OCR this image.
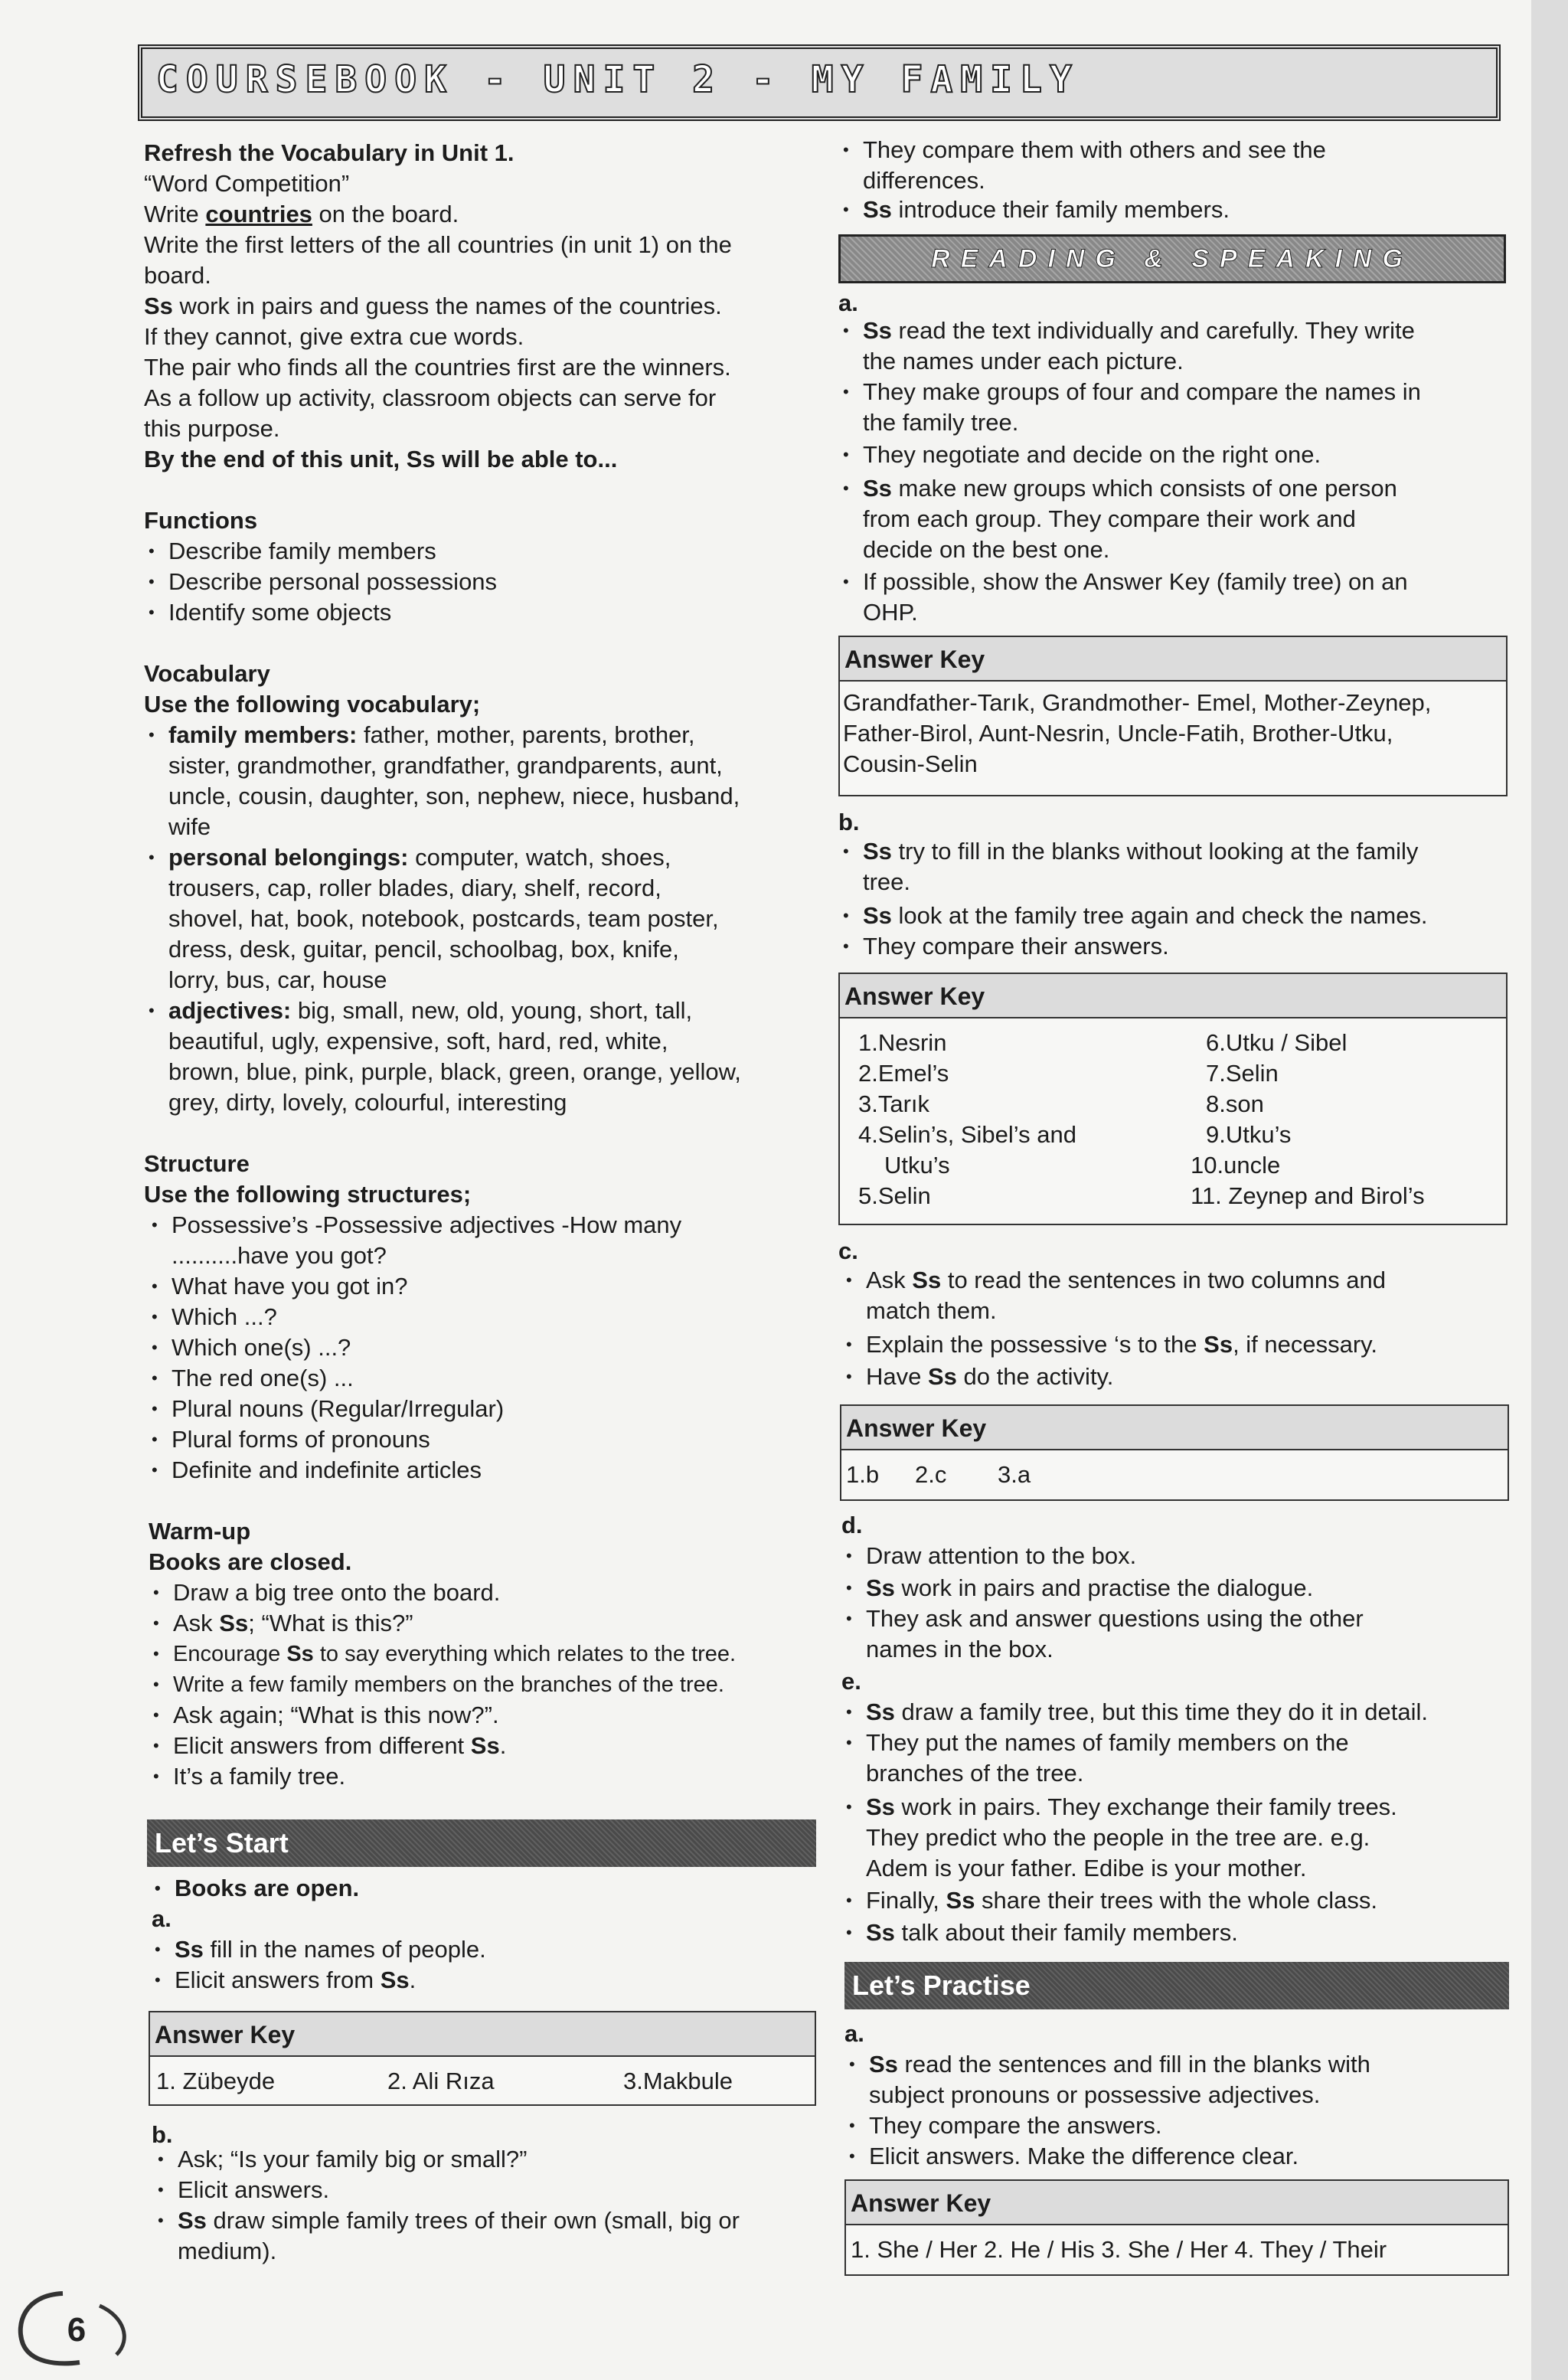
COURSEBOOK - UNIT 2 - MY FAMILY
Refresh the Vocabulary in Unit 1.
“Word Competition”
Write countries on the board.
Write the first letters of the all countries (in unit 1) on the
board.
Ss work in pairs and guess the names of the countries.
If they cannot, give extra cue words.
The pair who finds all the countries first are the winners.
As a follow up activity, classroom objects can serve for
this purpose.
By the end of this unit, Ss will be able to...
Functions
• Describe family members
• Describe personal possessions
• Identify some objects
Vocabulary
Use the following vocabulary;
• family members: father, mother, parents, brother,
sister, grandmother, grandfather, grandparents, aunt,
uncle, cousin, daughter, son, nephew, niece, husband,
wife
• personal belongings: computer, watch, shoes,
trousers, cap, roller blades, diary, shelf, record,
shovel, hat, book, notebook, postcards, team poster,
dress, desk, guitar, pencil, schoolbag, box, knife,
lorry, bus, car, house
• adjectives: big, small, new, old, young, short, tall,
beautiful, ugly, expensive, soft, hard, red, white,
brown, blue, pink, purple, black, green, orange, yellow,
grey, dirty, lovely, colourful, interesting
Structure
Use the following structures;
• Possessive’s -Possessive adjectives -How many
..........have you got?
• What have you got in?
• Which ...?
• Which one(s) ...?
• The red one(s) ...
• Plural nouns (Regular/Irregular)
• Plural forms of pronouns
• Definite and indefinite articles
Warm-up
Books are closed.
• Draw a big tree onto the board.
• Ask Ss; “What is this?”
• Encourage Ss to say everything which relates to the tree.
• Write a few family members on the branches of the tree.
• Ask again; “What is this now?”.
• Elicit answers from different Ss.
• It’s a family tree.
Let’s Start
• Books are open.
a.
• Ss fill in the names of people.
• Elicit answers from Ss.
Answer Key
1. Zübeyde	2. Ali Rıza	3.Makbule
b.
• Ask; “Is your family big or small?”
• Elicit answers.
• Ss draw simple family trees of their own (small, big or
medium).
6
• They compare them with others and see the
differences.
• Ss introduce their family members.
READING & SPEAKING
a.
• Ss read the text individually and carefully. They write
the names under each picture.
• They make groups of four and compare the names in
the family tree.
• They negotiate and decide on the right one.
• Ss make new groups which consists of one person
from each group. They compare their work and
decide on the best one.
• If possible, show the Answer Key (family tree) on an
OHP.
Answer Key
Grandfather-Tarık, Grandmother- Emel, Mother-Zeynep,
Father-Birol, Aunt-Nesrin, Uncle-Fatih, Brother-Utku,
Cousin-Selin
b.
• Ss try to fill in the blanks without looking at the family
tree.
• Ss look at the family tree again and check the names.
• They compare their answers.
Answer Key
1.Nesrin
2.Emel’s
3.Tarık
4.Selin’s, Sibel’s and
Utku’s
5.Selin
6.Utku / Sibel
7.Selin
8.son
9.Utku’s
10.uncle
11. Zeynep and Birol’s
c.
• Ask Ss to read the sentences in two columns and
match them.
• Explain the possessive ‘s to the Ss, if necessary.
• Have Ss do the activity.
Answer Key
1.b 2.c 3.a
d.
• Draw attention to the box.
• Ss work in pairs and practise the dialogue.
• They ask and answer questions using the other
names in the box.
e.
• Ss draw a family tree, but this time they do it in detail.
• They put the names of family members on the
branches of the tree.
• Ss work in pairs. They exchange their family trees.
They predict who the people in the tree are. e.g.
Adem is your father. Edibe is your mother.
• Finally, Ss share their trees with the whole class.
• Ss talk about their family members.
Let’s Practise
a.
• Ss read the sentences and fill in the blanks with
subject pronouns or possessive adjectives.
• They compare the answers.
• Elicit answers. Make the difference clear.
Answer Key
1. She / Her 2. He / His 3. She / Her 4. They / Their
